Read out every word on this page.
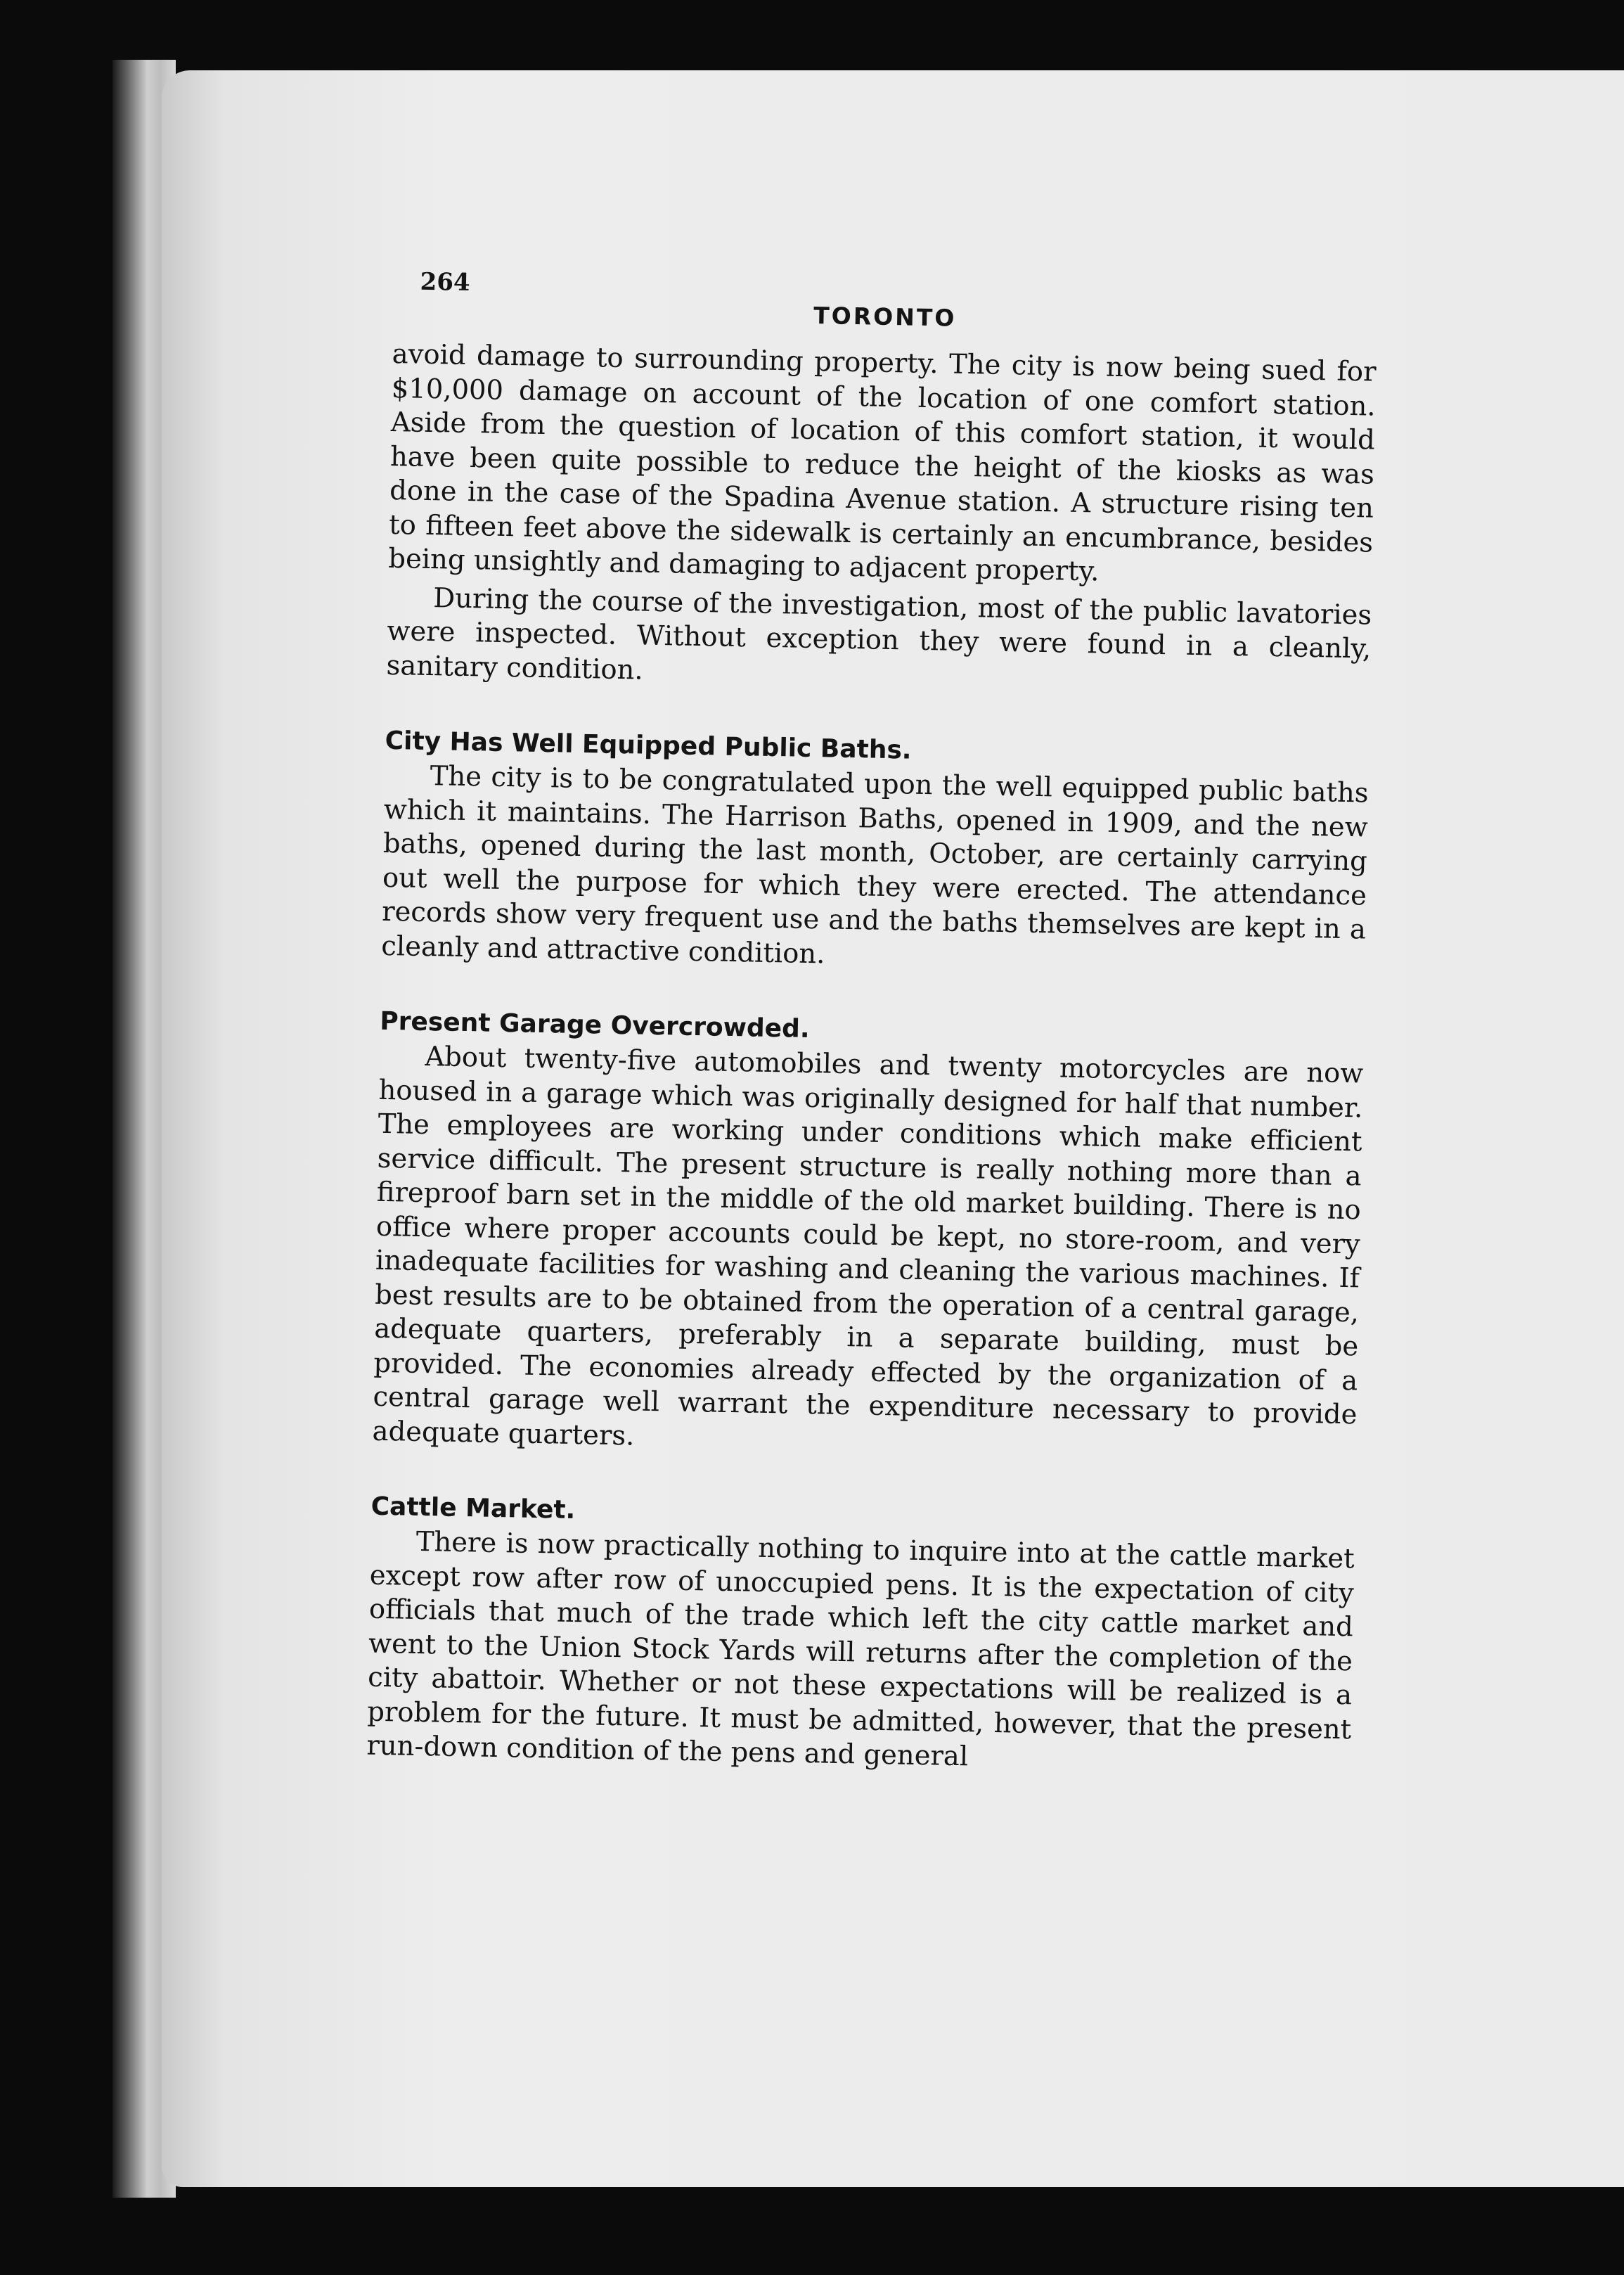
264
TORONTO

avoid damage to surrounding property. The city is now being sued for $10,000 damage on account of the location of one comfort station. Aside from the question of location of this comfort station, it would have been quite possible to reduce the height of the kiosks as was done in the case of the Spadina Avenue station. A structure rising ten to fifteen feet above the sidewalk is certainly an encumbrance, besides being unsightly and damaging to adjacent property.

During the course of the investigation, most of the public lavatories were inspected. Without exception they were found in a cleanly, sanitary condition.

City Has Well Equipped Public Baths.

The city is to be congratulated upon the well equipped public baths which it maintains. The Harrison Baths, opened in 1909, and the new baths, opened during the last month, October, are certainly carrying out well the purpose for which they were erected. The attendance records show very frequent use and the baths themselves are kept in a cleanly and attractive condition.

Present Garage Overcrowded.

About twenty-five automobiles and twenty motorcycles are now housed in a garage which was originally designed for half that number. The employees are working under conditions which make efficient service difficult. The present structure is really nothing more than a fireproof barn set in the middle of the old market building. There is no office where proper accounts could be kept, no store-room, and very inadequate facilities for washing and cleaning the various machines. If best results are to be obtained from the operation of a central garage, adequate quarters, preferably in a separate building, must be provided. The economies already effected by the organization of a central garage well warrant the expenditure necessary to provide adequate quarters.

Cattle Market.

There is now practically nothing to inquire into at the cattle market except row after row of unoccupied pens. It is the expectation of city officials that much of the trade which left the city cattle market and went to the Union Stock Yards will returns after the completion of the city abattoir. Whether or not these expectations will be realized is a problem for the future. It must be admitted, however, that the present run-down condition of the pens and general
